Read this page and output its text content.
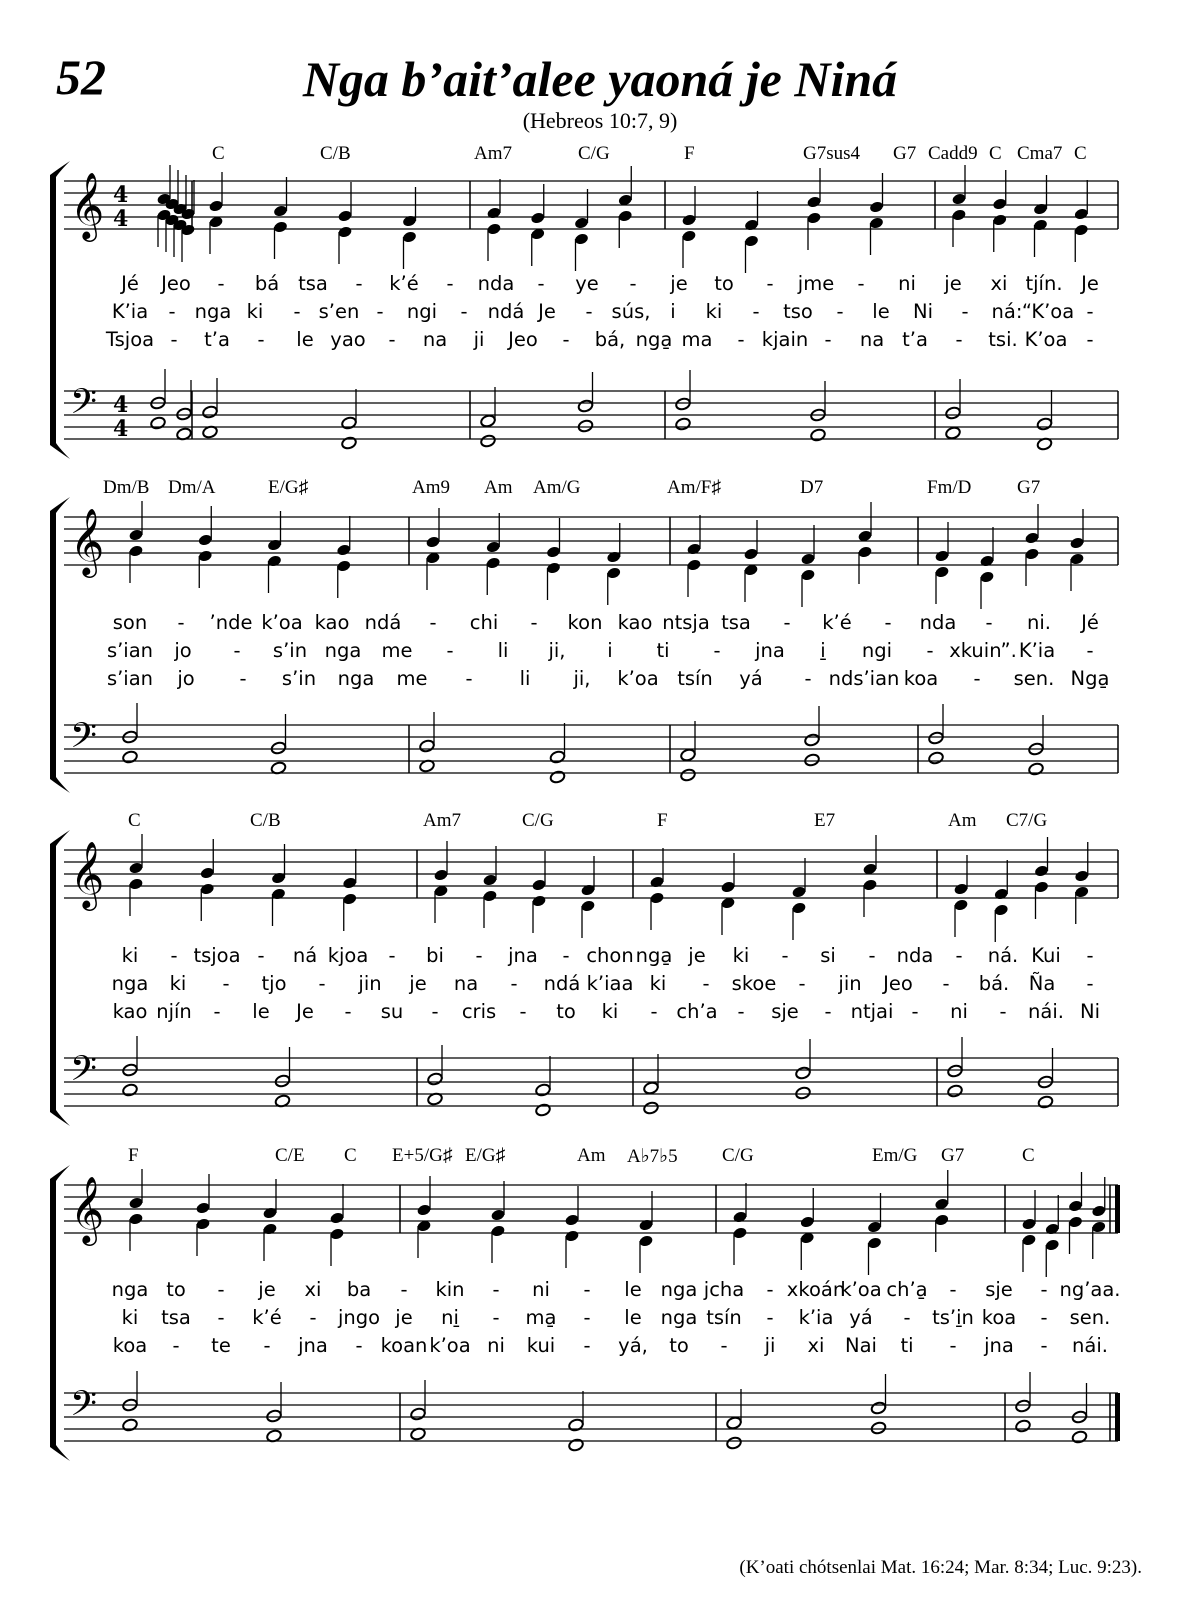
52	Nga b’ait’alee yaoná je Niná
(Hebreos 10:7, 9)
𝄞
𝄢
4
4
4
4
𝄞
𝄢
𝄞
𝄢
𝄞
𝄢
C	C/B	Am7	C/G	F	G7sus4 G7 Cadd9 C Cma7 C
Jé Jeo - bá tsa - k’é - nda - ye - je to - jme - ni je xi tjín. Je
K’ia - nga ki - s’en - ngi - ndá Je - sús, i ki - tso - le Ni - ná: “K’oa -
Tsjoa - t’a - le yao - na ji Jeo - bá, nga̱ ma - kjain - na t’a - tsi. K’oa -
Dm/B Dm/A	E/G♯	Am9 Am Am/G	Am/F♯	D7	Fm/D G7
son - ’nde k’oa kao ndá - chi - kon kao ntsja tsa - k’é - nda - ni. Jé
s’ian jo - s’in nga me - li ji, i ti - jna i̱ ngi - xkuin”. K’ia -
s’ian jo - s’in nga me - li ji, k’oa tsín yá - nds’ian koa - sen. Nga̱
C	C/B	Am7	C/G	F	E7	Am C7/G
ki - tsjoa - ná kjoa - bi - jna - chon nga̱ je ki - si - nda - ná. Kui -
nga ki - tjo - jin je na - ndá k’iaa ki - skoe - jin Jeo - bá. Ña -
kao njín - le Je - su - cris - to ki - ch’a - sje - ntjai - ni - nái. Ni
F	C/E C E+5/G♯ E/G♯	Am A♭7♭5 C/G	Em/G G7	C
nga to - je xi ba - kin - ni - le nga jcha - xkoán
k’oa ch’a̱ - sje - ng’aa.
ki tsa - k’é - jngo je ni̱ - ma̱ - le nga tsín - k’ia yá - ts’i̱n koa - sen.
koa - te - jna - koan k’oa ni kui - yá, to - ji xi Nai ti - jna - nái.
(K’oati chótsenlai Mat. 16:24; Mar. 8:34; Luc. 9:23).
